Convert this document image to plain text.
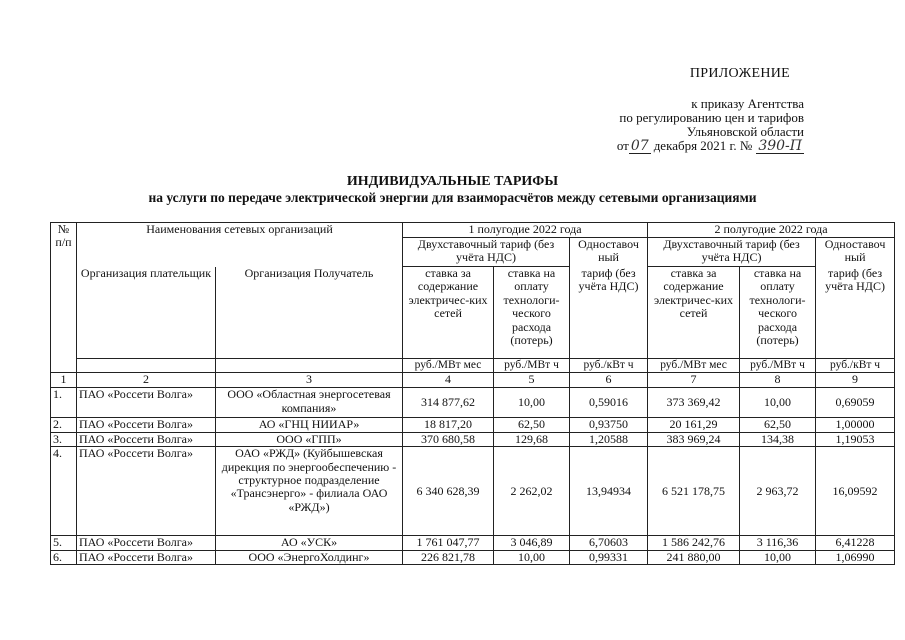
ПРИЛОЖЕНИЕ
к приказу Агентства
по регулированию цен и тарифов
Ульяновской области
от 07 декабря 2021 г. № 390-П
ИНДИВИДУАЛЬНЫЕ ТАРИФЫ
на услуги по передаче электрической энергии для взаиморасчётов между сетевыми организациями
№ п/п	Наименования сетевых организаций		1 полугодие 2022 года			2 полугодие 2022 года		
			Двухставочный тариф (без учёта НДС)		Одноставоч ный	Двухставочный тариф (без учёта НДС)		Одноставоч ный
	Организация плательщик	Организация Получатель	ставка за содержание электричес-ких сетей	ставка на оплату технологи-ческого расхода (потерь)	тариф (без учёта НДС)	ставка за содержание электричес-ких сетей	ставка на оплату технологи-ческого расхода (потерь)	тариф (без учёта НДС)
			руб./МВт мес	руб./МВт ч	руб./кВт ч	руб./МВт мес	руб./МВт ч	руб./кВт ч
1	2	3	4	5	6	7	8	9
1.	ПАО «Россети Волга»	ООО «Областная энергосетевая компания»	314 877,62	10,00	0,59016	373 369,42	10,00	0,69059
2.	ПАО «Россети Волга»	АО «ГНЦ НИИАР»	18 817,20	62,50	0,93750	20 161,29	62,50	1,00000
3.	ПАО «Россети Волга»	ООО «ГПП»	370 680,58	129,68	1,20588	383 969,24	134,38	1,19053
4.	ПАО «Россети Волга»	ОАО «РЖД» (Куйбышевская дирекция по энергообеспечению - структурное подразделение «Трансэнерго» - филиала ОАО «РЖД»)	6 340 628,39	2 262,02	13,94934	6 521 178,75	2 963,72	16,09592
5.	ПАО «Россети Волга»	АО «УСК»	1 761 047,77	3 046,89	6,70603	1 586 242,76	3 116,36	6,41228
6.	ПАО «Россети Волга»	ООО «ЭнергоХолдинг»	226 821,78	10,00	0,99331	241 880,00	10,00	1,06990
